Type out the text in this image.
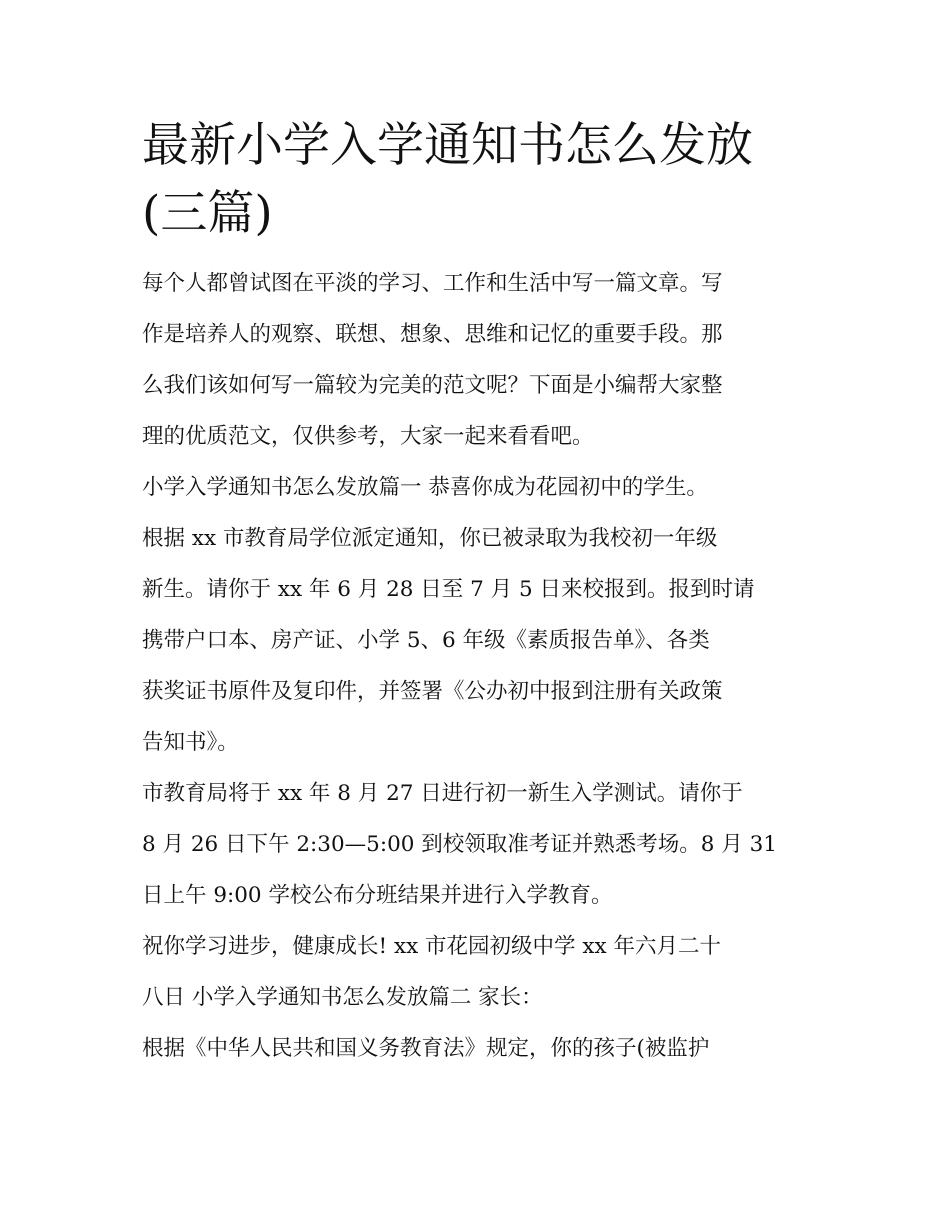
最新小学入学通知书怎么发放
(三篇)
每个人都曾试图在平淡的学习、工作和生活中写一篇文章。写
作是培养人的观察、联想、想象、思维和记忆的重要手段。那
么我们该如何写一篇较为完美的范文呢？下面是小编帮大家整
理的优质范文，仅供参考，大家一起来看看吧。
小学入学通知书怎么发放篇一 恭喜你成为花园初中的学生。
根据 xx 市教育局学位派定通知，你已被录取为我校初一年级
新生。请你于 xx 年 6 月 28 日至 7 月 5 日来校报到。报到时请
携带户口本、房产证、小学 5、6 年级《素质报告单》、各类
获奖证书原件及复印件，并签署《公办初中报到注册有关政策
告知书》。
市教育局将于 xx 年 8 月 27 日进行初一新生入学测试。请你于
8 月 26 日下午 2:30—5:00 到校领取准考证并熟悉考场。8 月 31
日上午 9:00 学校公布分班结果并进行入学教育。
祝你学习进步，健康成长! xx 市花园初级中学 xx 年六月二十
八日 小学入学通知书怎么发放篇二 家长：
根据《中华人民共和国义务教育法》规定，你的孩子(被监护
